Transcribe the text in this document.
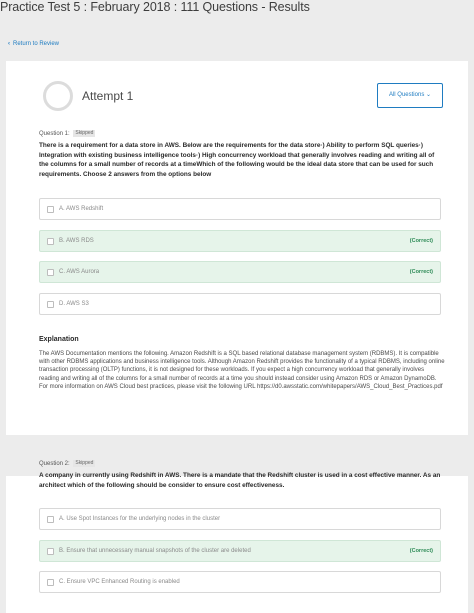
Practice Test 5 : February 2018 : 111 Questions - Results
‹ Return to Review
Attempt 1	All Questions ⌄
Question 1: Skipped
There is a requirement for a data store in AWS. Below are the requirements for the data store·) Ability to perform SQL queries·) Integration with existing business intelligence tools·) High concurrency workload that generally involves reading and writing all of the columns for a small number of records at a timeWhich of the following would be the ideal data store that can be used for such requirements. Choose 2 answers from the options below
A. AWS Redshift
B. AWS RDS	(Correct)
C. AWS Aurora	(Correct)
D. AWS S3
Explanation
The AWS Documentation mentions the following. Amazon Redshift is a SQL based relational database management system (RDBMS). It is compatible with other RDBMS applications and business intelligence tools. Although Amazon Redshift provides the functionality of a typical RDBMS, including online transaction processing (OLTP) functions, it is not designed for these workloads. If you expect a high concurrency workload that generally involves reading and writing all of the columns for a small number of records at a time you should instead consider using Amazon RDS or Amazon DynamoDB. For more information on AWS Cloud best practices, please visit the following URL https://d0.awsstatic.com/whitepapers/AWS_Cloud_Best_Practices.pdf
Question 2: Skipped
A company in currently using Redshift in AWS. There is a mandate that the Redshift cluster is used in a cost effective manner. As an architect which of the following should be consider to ensure cost effectiveness.
A. Use Spot Instances for the underlying nodes in the cluster
B. Ensure that unnecessary manual snapshots of the cluster are deleted	(Correct)
C. Ensure VPC Enhanced Routing is enabled
